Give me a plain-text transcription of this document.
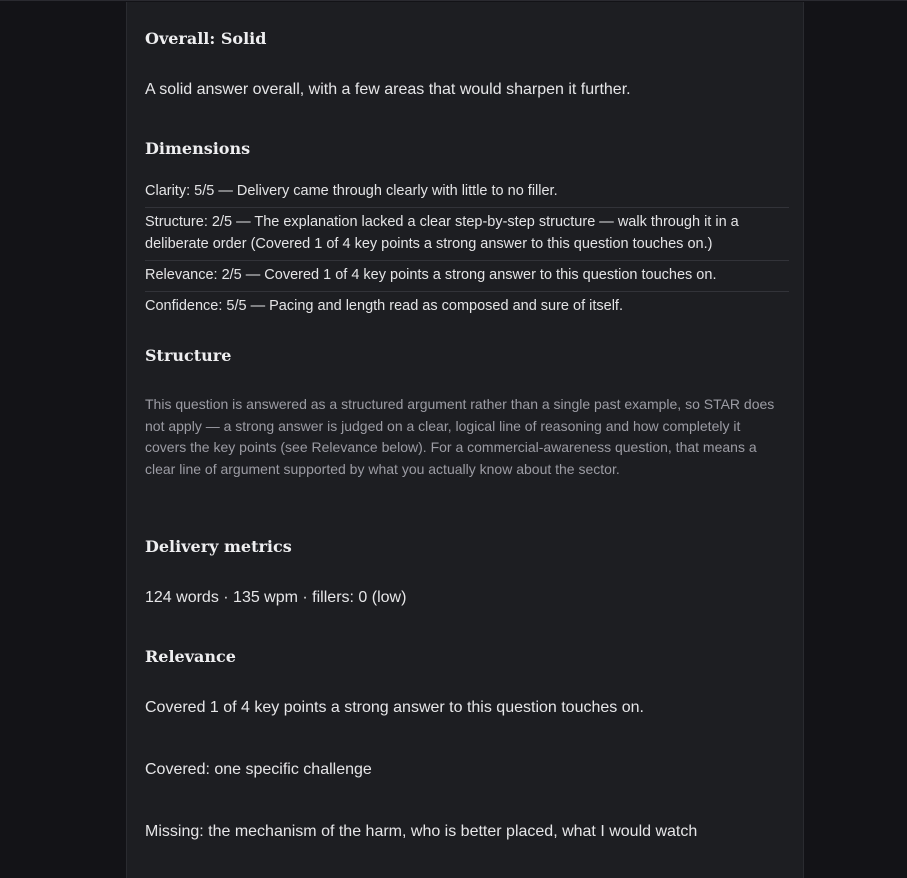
Overall: Solid
A solid answer overall, with a few areas that would sharpen it further.
Dimensions
Clarity: 5/5 — Delivery came through clearly with little to no filler.
Structure: 2/5 — The explanation lacked a clear step-by-step structure — walk through it in a deliberate order (Covered 1 of 4 key points a strong answer to this question touches on.)
Relevance: 2/5 — Covered 1 of 4 key points a strong answer to this question touches on.
Confidence: 5/5 — Pacing and length read as composed and sure of itself.
Structure
This question is answered as a structured argument rather than a single past example, so STAR does not apply — a strong answer is judged on a clear, logical line of reasoning and how completely it covers the key points (see Relevance below). For a commercial-awareness question, that means a clear line of argument supported by what you actually know about the sector.
Delivery metrics
124 words · 135 wpm · fillers: 0 (low)
Relevance
Covered 1 of 4 key points a strong answer to this question touches on.
Covered: one specific challenge
Missing: the mechanism of the harm, who is better placed, what I would watch
